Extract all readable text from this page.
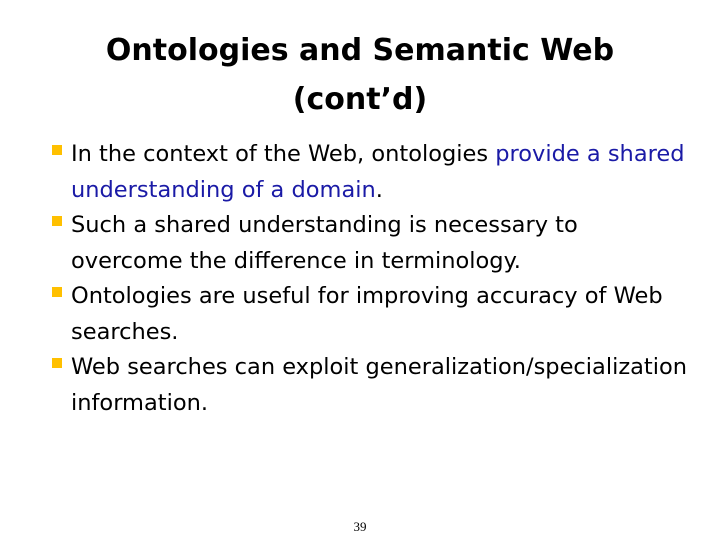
Ontologies and Semantic Web
(cont’d)
In the context of the Web, ontologies provide a shared understanding of a domain.
Such a shared understanding is necessary to overcome the difference in terminology.
Ontologies are useful for improving accuracy of Web searches.
Web searches can exploit generalization/specialization information.
39
